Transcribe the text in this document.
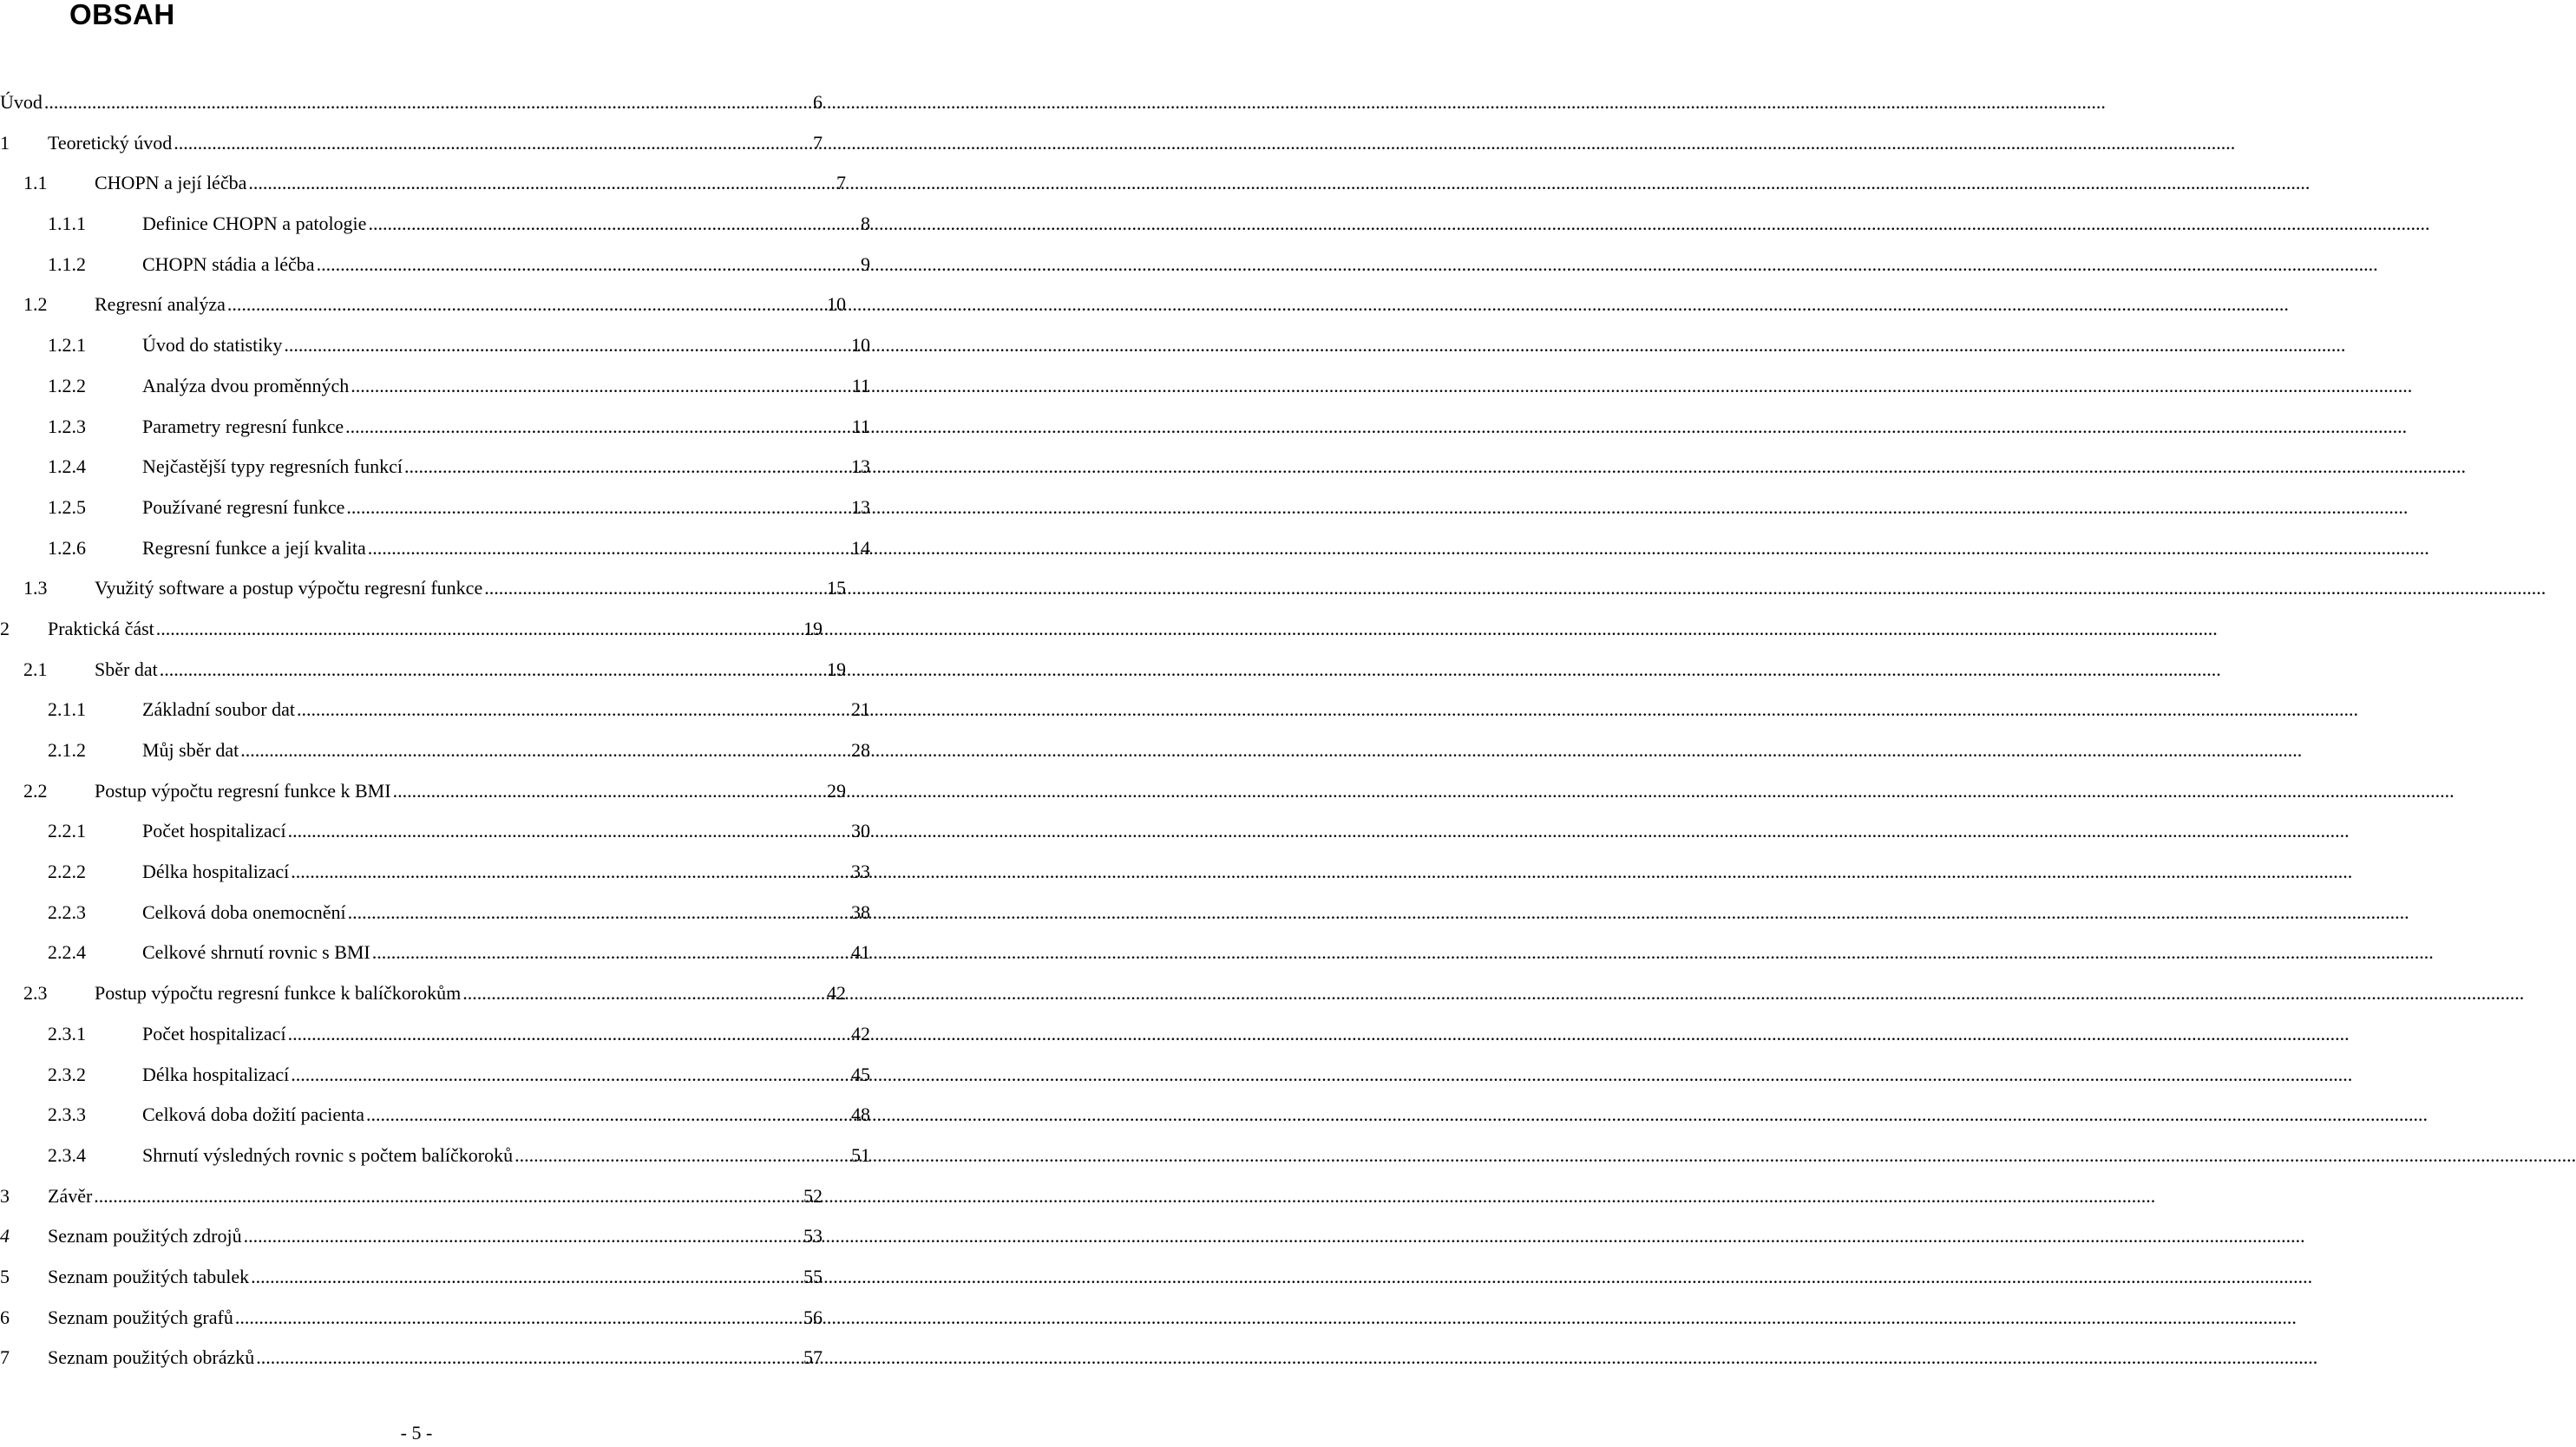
OBSAH
Úvod .....	6
1	Teoretický úvod .....	7
1.1	CHOPN a její léčba .....	7
1.1.1	Definice CHOPN a patologie .....	8
1.1.2	CHOPN stádia a léčba .....	9
1.2	Regresní analýza .....	10
1.2.1	Úvod do statistiky .....	10
1.2.2	Analýza dvou proměnných .....	11
1.2.3	Parametry regresní funkce .....	11
1.2.4	Nejčastější typy regresních funkcí .....	13
1.2.5	Používané regresní funkce .....	13
1.2.6	Regresní funkce a její kvalita .....	14
1.3	Využitý software a postup výpočtu regresní funkce .....	15
2	Praktická část .....	19
2.1	Sběr dat .....	19
2.1.1	Základní soubor dat .....	21
2.1.2	Můj sběr dat .....	28
2.2	Postup výpočtu regresní funkce k BMI .....	29
2.2.1	Počet hospitalizací .....	30
2.2.2	Délka hospitalizací .....	33
2.2.3	Celková doba onemocnění .....	38
2.2.4	Celkové shrnutí rovnic s BMI .....	41
2.3	Postup výpočtu regresní funkce k balíčkorokům .....	42
2.3.1	Počet hospitalizací .....	42
2.3.2	Délka hospitalizací .....	45
2.3.3	Celková doba dožití pacienta .....	48
2.3.4	Shrnutí výsledných rovnic s počtem balíčkoroků .....	51
3	Závěr .....	52
4	Seznam použitých zdrojů .....	53
5	Seznam použitých tabulek .....	55
6	Seznam použitých grafů .....	56
7	Seznam použitých obrázků .....	57
- 5 -
